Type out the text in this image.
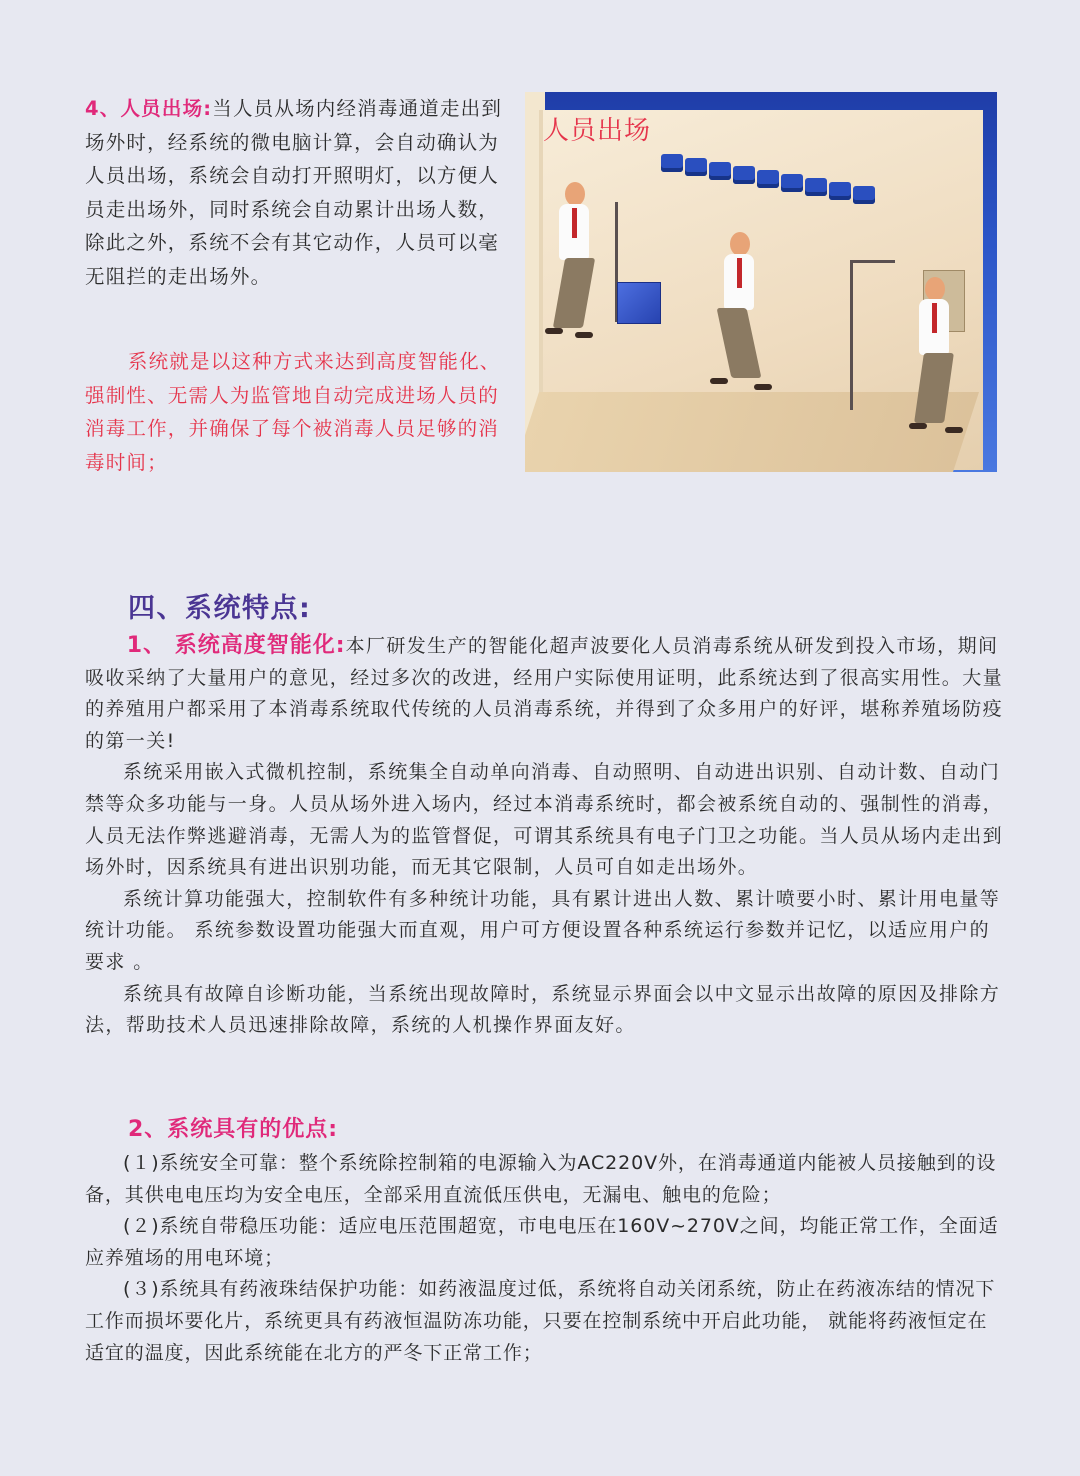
4、人员出场:当人员从场内经消毒通道走出到场外时，经系统的微电脑计算，会自动确认为人员出场，系统会自动打开照明灯，以方便人员走出场外，同时系统会自动累计出场人数，除此之外，系统不会有其它动作，人员可以毫无阻拦的走出场外。

系统就是以这种方式来达到高度智能化、强制性、无需人为监管地自动完成进场人员的消毒工作，并确保了每个被消毒人员足够的消毒时间；

人员出场
四、系统特点:

1、 系统高度智能化:本厂研发生产的智能化超声波要化人员消毒系统从研发到投入市场，期间吸收采纳了大量用户的意见，经过多次的改进，经用户实际使用证明，此系统达到了很高实用性。大量的养殖用户都采用了本消毒系统取代传统的人员消毒系统，并得到了众多用户的好评，堪称养殖场防疫的第一关!

系统采用嵌入式微机控制，系统集全自动单向消毒、自动照明、自动进出识别、自动计数、自动门禁等众多功能与一身。人员从场外进入场内，经过本消毒系统时，都会被系统自动的、强制性的消毒，人员无法作弊逃避消毒，无需人为的监管督促，可谓其系统具有电子门卫之功能。当人员从场内走出到场外时，因系统具有进出识别功能，而无其它限制，人员可自如走出场外。

系统计算功能强大，控制软件有多种统计功能，具有累计进出人数、累计喷要小时、累计用电量等统计功能。 系统参数设置功能强大而直观，用户可方便设置各种系统运行参数并记忆，以适应用户的要求 。

系统具有故障自诊断功能，当系统出现故障时，系统显示界面会以中文显示出故障的原因及排除方法，帮助技术人员迅速排除故障，系统的人机操作界面友好。

2、系统具有的优点:

(１)系统安全可靠：整个系统除控制箱的电源输入为AC220V外，在消毒通道内能被人员接触到的设备，其供电电压均为安全电压，全部采用直流低压供电，无漏电、触电的危险；

(２)系统自带稳压功能：适应电压范围超宽，市电电压在160V~270V之间，均能正常工作，全面适应养殖场的用电环境；

(３)系统具有药液珠结保护功能：如药液温度过低，系统将自动关闭系统，防止在药液冻结的情况下工作而损坏要化片，系统更具有药液恒温防冻功能，只要在控制系统中开启此功能， 就能将药液恒定在适宜的温度，因此系统能在北方的严冬下正常工作；
